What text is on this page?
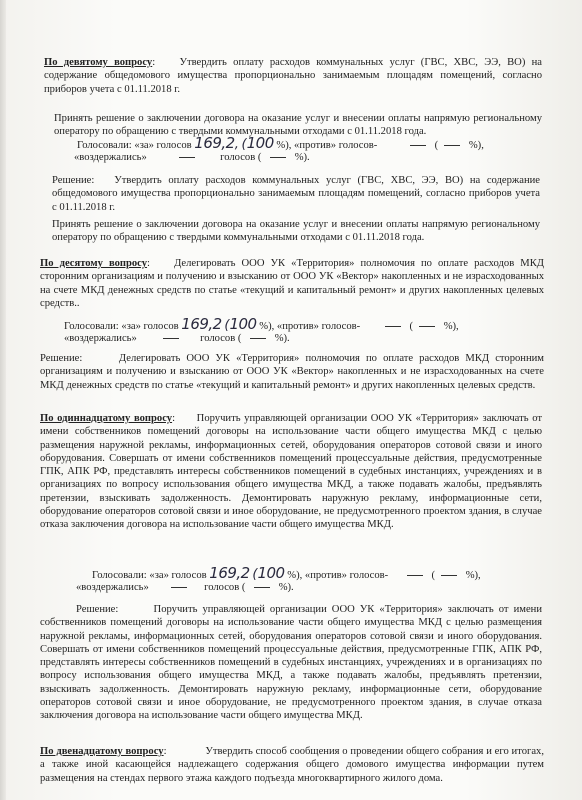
По девятому вопросу: Утвердить оплату расходов коммунальных услуг (ГВС, ХВС, ЭЭ, ВО) на содержание общедомового имущества пропорционально занимаемым площадям помещений, согласно приборов учета с 01.11.2018 г.

Принять решение о заключении договора на оказание услуг и внесении оплаты напрямую региональному оператору по обращению с твердыми коммунальными отходами с 01.11.2018 года.
Голосовали: «за» голосов 169,2, (100 %), «против» голосов-	(	%),
«воздержались»	голосов (	%).

Решение: Утвердить оплату расходов коммунальных услуг (ГВС, ХВС, ЭЭ, ВО) на содержание общедомового имущества пропорционально занимаемым площадям помещений, согласно приборов учета с 01.11.2018 г.

Принять решение о заключении договора на оказание услуг и внесении оплаты напрямую региональному оператору по обращению с твердыми коммунальными отходами с 01.11.2018 года.

По десятому вопросу: Делегировать ООО УК «Территория» полномочия по оплате расходов МКД сторонним организациям и получению и взысканию от ООО УК «Вектор» накопленных и не израсходованных на счете МКД денежных средств по статье «текущий и капитальный ремонт» и других накопленных целевых средств..

Голосовали: «за» голосов 169,2 (100 %), «против» голосов-	(	%),
«воздержались»	голосов (	%).

Решение:	Делегировать ООО УК «Территория» полномочия по оплате расходов МКД сторонним организациям и получению и взысканию от ООО УК «Вектор» накопленных и не израсходованных на счете МКД денежных средств по статье «текущий и капитальный ремонт» и других накопленных целевых средств.

По одиннадцатому вопросу: Поручить управляющей организации ООО УК «Территория» заключать от имени собственников помещений договоры на использование части общего имущества МКД с целью размещения наружной рекламы, информационных сетей, оборудования операторов сотовой связи и иного оборудования. Совершать от имени собственников помещений процессуальные действия, предусмотренные ГПК, АПК РФ, представлять интересы собственников помещений в судебных инстанциях, учреждениях и в организациях по вопросу использования общего имущества МКД, а также подавать жалобы, предъявлять претензии, взыскивать задолженность. Демонтировать наружную рекламу, информационные сети, оборудование операторов сотовой связи и иное оборудование, не предусмотренного проектом здания, в случае отказа заключения договора на использование части общего имущества МКД.

Голосовали: «за» голосов 169,2 (100 %), «против» голосов-	(	%),
«воздержались»	голосов (	%).

Решение:	Поручить управляющей организации ООО УК «Территория» заключать от имени собственников помещений договоры на использование части общего имущества МКД с целью размещения наружной рекламы, информационных сетей, оборудования операторов сотовой связи и иного оборудования. Совершать от имени собственников помещений процессуальные действия, предусмотренные ГПК, АПК РФ, представлять интересы собственников помещений в судебных инстанциях, учреждениях и в организациях по вопросу использования общего имущества МКД, а также подавать жалобы, предъявлять претензии, взыскивать задолженность. Демонтировать наружную рекламу, информационные сети, оборудование операторов сотовой связи и иное оборудование, не предусмотренного проектом здания, в случае отказа заключения договора на использование части общего имущества МКД.

По двенадцатому вопросу:	Утвердить способ сообщения о проведении общего собрания и его итогах, а также иной касающейся надлежащего содержания общего домового имущества информации путем размещения на стендах первого этажа каждого подъезда многоквартирного жилого дома.
